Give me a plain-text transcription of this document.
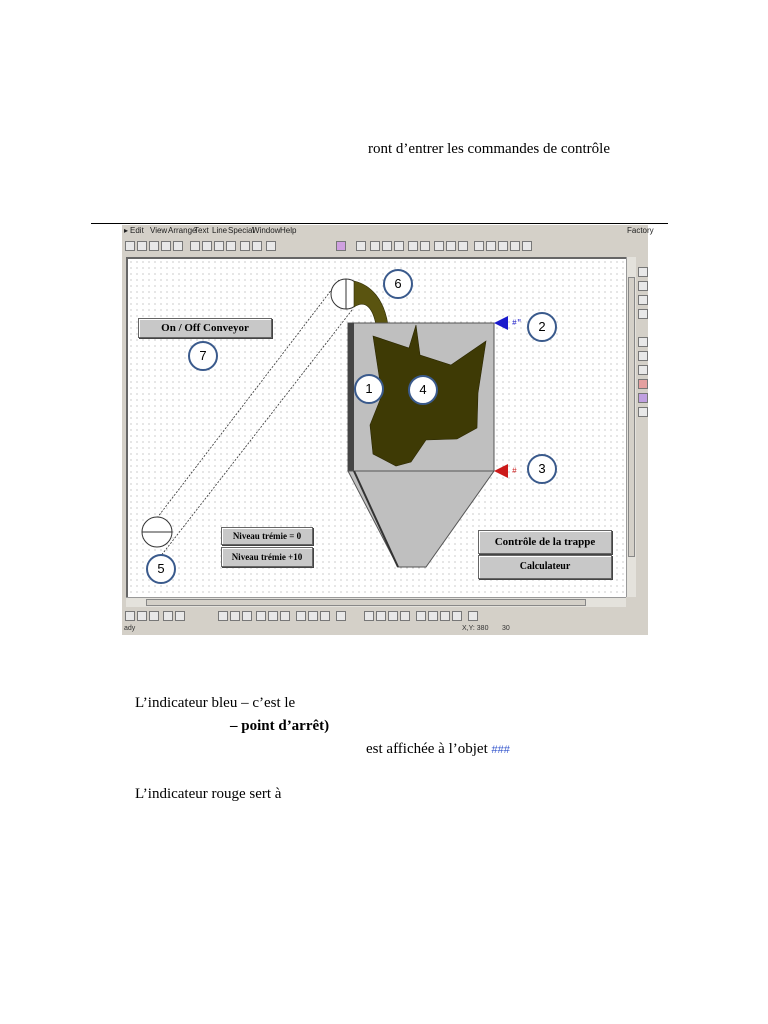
ront d’entrer les commandes de contrôle
▸ Edit View Arrange
Text Line Special
Window Help	Factory
#"
#
On / Off Conveyor
Niveau trémie = 0
Niveau trémie +10
Contrôle de la trappe
Calculateur
1
2
3
4
5
6
7
ady	X,Y: 380 30
L’indicateur bleu – c’est le
– point d’arrêt)
est affichée à l’objet ###
L’indicateur rouge sert à
